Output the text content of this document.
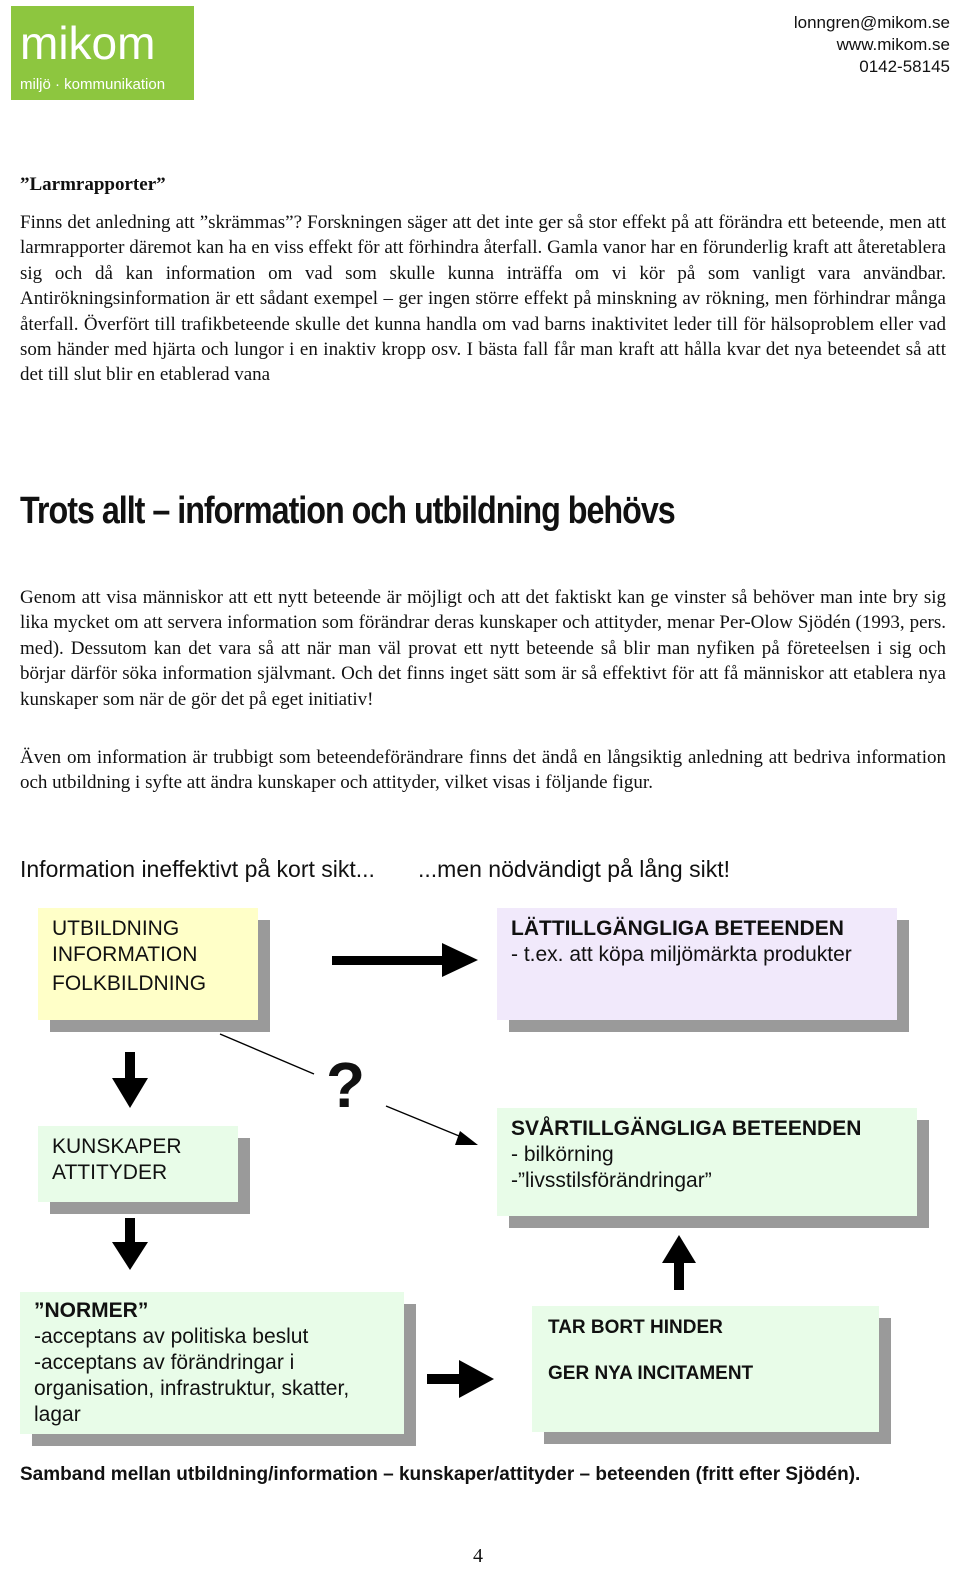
mikom
miljö · kommunikation
lonngren@mikom.se
www.mikom.se
0142-58145
”Larmrapporter”
Finns det anledning att ”skrämmas”? Forskningen säger att det inte ger så stor effekt på att förändra ett beteende, men att larmrapporter däremot kan ha en viss effekt för att förhindra återfall. Gamla vanor har en förunderlig kraft att återetablera sig och då kan information om vad som skulle kunna inträffa om vi kör på som vanligt vara användbar. Antirökningsinformation är ett sådant exempel – ger ingen större effekt på minskning av rökning, men förhindrar många återfall. Överfört till trafikbeteende skulle det kunna handla om vad barns inaktivitet leder till för hälsoproblem eller vad som händer med hjärta och lungor i en inaktiv kropp osv. I bästa fall får man kraft att hålla kvar det nya beteendet så att det till slut blir en etablerad vana
Trots allt – information och utbildning behövs
Genom att visa människor att ett nytt beteende är möjligt och att det faktiskt kan ge vinster så behöver man inte bry sig lika mycket om att servera information som förändrar deras kunskaper och attityder, menar Per-Olow Sjödén (1993, pers. med). Dessutom kan det vara så att när man väl provat ett nytt beteende så blir man nyfiken på företeelsen i sig och börjar därför söka information självmant. Och det finns inget sätt som är så effektivt för att få människor att etablera nya kunskaper som när de gör det på eget initiativ!
Även om information är trubbigt som beteendeförändrare finns det ändå en långsiktig anledning att bedriva information och utbildning i syfte att ändra kunskaper och attityder, vilket visas i följande figur.
Information ineffektivt på kort sikt... ...men nödvändigt på lång sikt!
?
UTBILDNING
INFORMATION
FOLKBILDNING
LÄTTILLGÄNGLIGA BETEENDEN
- t.ex. att köpa miljömärkta produkter
KUNSKAPER
ATTITYDER
SVÅRTILLGÄNGLIGA BETEENDEN
- bilkörning
-”livsstilsförändringar”
”NORMER”
-acceptans av politiska beslut
-acceptans av förändringar i
organisation, infrastruktur, skatter,
lagar
TAR BORT HINDER
GER NYA INCITAMENT
Samband mellan utbildning/information – kunskaper/attityder – beteenden (fritt efter Sjödén).
4
